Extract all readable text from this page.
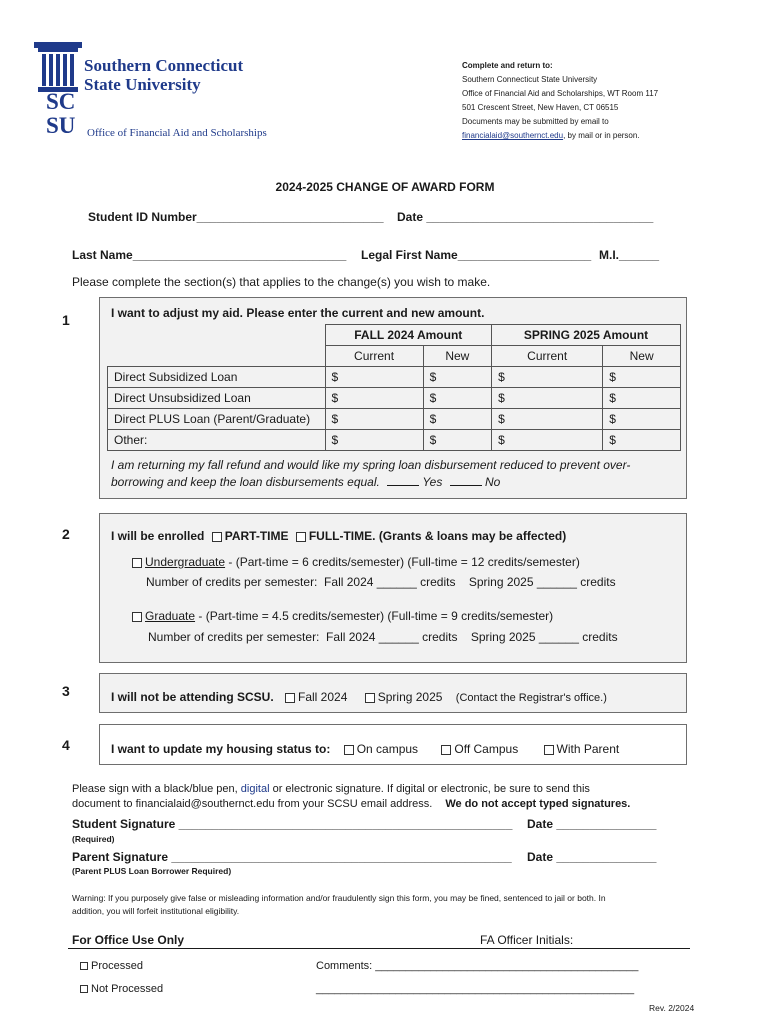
Southern Connecticut
State University
SC
SU Office of Financial Aid and Scholarships
Complete and return to:
Southern Connecticut State University
Office of Financial Aid and Scholarships, WT Room 117
501 Crescent Street, New Haven, CT 06515
Documents may be submitted by email to
financialaid@southernct.edu, by mail or in person.
2024-2025 CHANGE OF AWARD FORM
Student ID Number____________________________ Date __________________________________
Last Name________________________________ Legal First Name____________________ M.I.______
Please complete the section(s) that applies to the change(s) you wish to make.
1	I want to adjust my aid. Please enter the current and new amount.
	FALL 2024 Amount		SPRING 2025 Amount	
	Current	New	Current	New
Direct Subsidized Loan	$	$	$	$
Direct Unsubsidized Loan	$	$	$	$
Direct PLUS Loan (Parent/Graduate)	$	$	$	$
Other:	$	$	$	$
I am returning my fall refund and would like my spring loan disbursement reduced to prevent over-
borrowing and keep the loan disbursements equal.	Yes	No
2	I will be enrolled PART-TIME FULL-TIME. (Grants & loans may be affected)
Undergraduate - (Part-time = 6 credits/semester) (Full-time = 12 credits/semester)
Number of credits per semester:  Fall 2024 ______ credits    Spring 2025 ______ credits
Graduate - (Part-time = 4.5 credits/semester) (Full-time = 9 credits/semester)
Number of credits per semester:  Fall 2024 ______ credits    Spring 2025 ______ credits
3	I will not be attending SCSU. Fall 2024	Spring 2025 (Contact the Registrar's office.)
4	I want to update my housing status to: On campus	Off Campus	With Parent
Please sign with a black/blue pen, digital or electronic signature. If digital or electronic, be sure to send this
document to financialaid@southernct.edu from your SCSU email address. We do not accept typed signatures.
Student Signature __________________________________________________ Date _______________
(Required)
Parent Signature ___________________________________________________ Date _______________
(Parent PLUS Loan Borrower Required)
Warning: If you purposely give false or misleading information and/or fraudulently sign this form, you may be fined, sentenced to jail or both. In
addition, you will forfeit institutional eligibility.
For Office Use Only	FA Officer Initials:
Processed
Not Processed
Comments: ___________________________________________
____________________________________________________
Rev. 2/2024
